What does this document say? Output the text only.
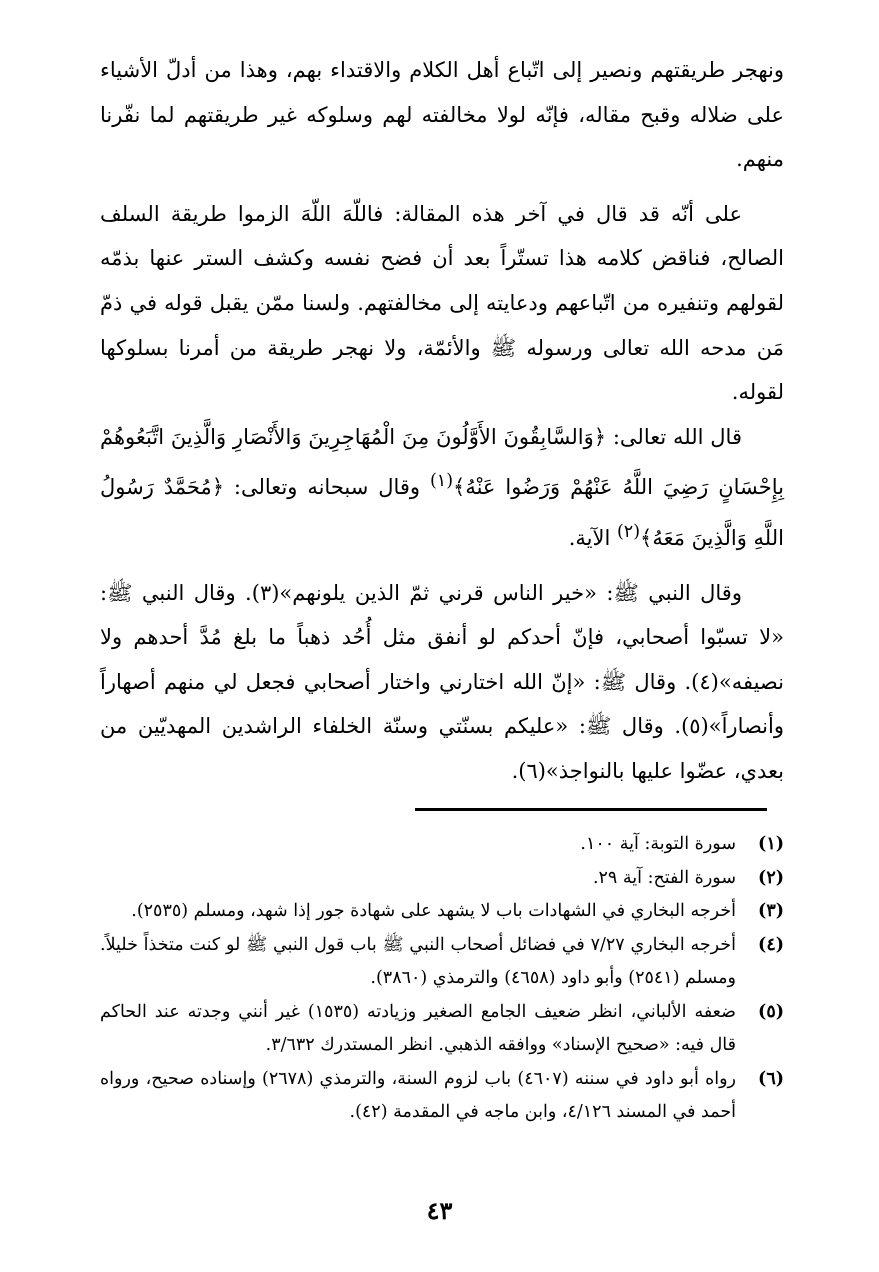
ونهجر طريقتهم ونصير إلى اتّباع أهل الكلام والاقتداء بهم، وهذا من أدلّ الأشياء على ضلاله وقبح مقاله، فإنّه لولا مخالفته لهم وسلوكه غير طريقتهم لما نفّرنا منهم.

على أنّه قد قال في آخر هذه المقالة: فاللّهَ اللّهَ الزموا طريقة السلف الصالح، فناقض كلامه هذا تستّراً بعد أن فضح نفسه وكشف الستر عنها بذمّه لقولهم وتنفيره من اتّباعهم ودعايته إلى مخالفتهم. ولسنا ممّن يقبل قوله في ذمّ مَن مدحه الله تعالى ورسوله ﷺ والأئمّة، ولا نهجر طريقة من أمرنا بسلوكها لقوله.

قال الله تعالى: ﴿وَالسَّابِقُونَ الأَوَّلُونَ مِنَ الْمُهَاجِرِينَ وَالأَنْصَارِ وَالَّذِينَ اتَّبَعُوهُمْ بِإِحْسَانٍ رَضِيَ اللَّهُ عَنْهُمْ وَرَضُوا عَنْهُ﴾$^{(١)}$ وقال سبحانه وتعالى: ﴿مُحَمَّدٌ رَسُولُ اللَّهِ وَالَّذِينَ مَعَهُ﴾$^{(٢)}$ الآية.

وقال النبي ﷺ: «خير الناس قرني ثمّ الذين يلونهم»(٣). وقال النبي ﷺ: «لا تسبّوا أصحابي، فإنّ أحدكم لو أنفق مثل أُحُد ذهباً ما بلغ مُدَّ أحدهم ولا نصيفه»(٤). وقال ﷺ: «إنّ الله اختارني واختار أصحابي فجعل لي منهم أصهاراً وأنصاراً»(٥). وقال ﷺ: «عليكم بسنّتي وسنّة الخلفاء الراشدين المهديّين من بعدي، عضّوا عليها بالنواجذ»(٦).

(١)
سورة التوبة: آية ١٠٠.
(٢)
سورة الفتح: آية ٢٩.
(٣)
أخرجه البخاري في الشهادات باب لا يشهد على شهادة جور إذا شهد، ومسلم (٢٥٣٥).
(٤)
أخرجه البخاري ٧/٢٧ في فضائل أصحاب النبي ﷺ باب قول النبي ﷺ لو كنت متخذاً خليلاً. ومسلم (٢٥٤١) وأبو داود (٤٦٥٨) والترمذي (٣٨٦٠).
(٥)
ضعفه الألباني، انظر ضعيف الجامع الصغير وزيادته (١٥٣٥) غير أنني وجدته عند الحاكم قال فيه: «صحيح الإسناد» ووافقه الذهبي. انظر المستدرك ٣/٦٣٢.
(٦)
رواه أبو داود في سننه (٤٦٠٧) باب لزوم السنة، والترمذي (٢٦٧٨) وإسناده صحيح، ورواه أحمد في المسند ٤/١٢٦، وابن ماجه في المقدمة (٤٢).
٤٣
